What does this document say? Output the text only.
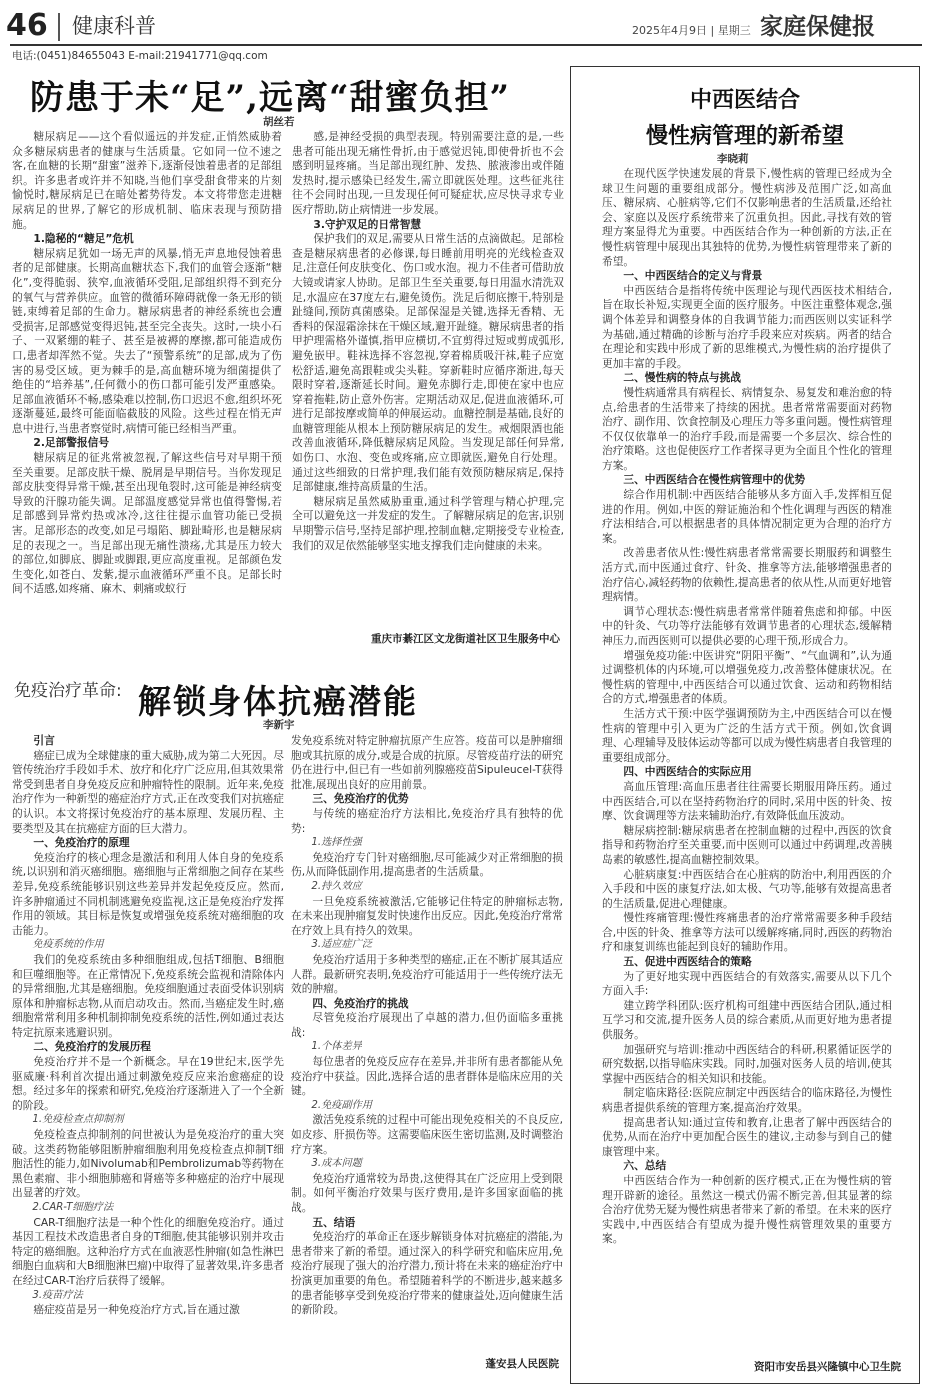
46 健康科普	2025年4月9日 | 星期三 家庭保健报
电话:(0451)84655043 E-mail:21941771@qq.com
防患于未“足”,远离“甜蜜负担”
胡丝若

糖尿病足——这个看似遥远的并发症,正悄然威胁着众多糖尿病患者的健康与生活质量。它如同一位不速之客,在血糖的长期“甜蜜”滋养下,逐渐侵蚀着患者的足部组织。许多患者或许并不知晓,当他们享受甜食带来的片刻愉悦时,糖尿病足已在暗处蓄势待发。本文将带您走进糖尿病足的世界,了解它的形成机制、临床表现与预防措施。

1.隐秘的“糖足”危机

糖尿病足犹如一场无声的风暴,悄无声息地侵蚀着患者的足部健康。长期高血糖状态下,我们的血管会逐渐“糖化”,变得脆弱、狭窄,血液循环受阻,足部组织得不到充分的氧气与营养供应。血管的微循环障碍就像一条无形的锁链,束缚着足部的生命力。糖尿病患者的神经系统也会遭受损害,足部感觉变得迟钝,甚至完全丧失。这时,一块小石子、一双紧绷的鞋子、甚至是被褥的摩擦,都可能造成伤口,患者却浑然不觉。失去了“预警系统”的足部,成为了伤害的易受区域。更为棘手的是,高血糖环境为细菌提供了绝佳的“培养基”,任何微小的伤口都可能引发严重感染。足部血液循环不畅,感染难以控制,伤口迟迟不愈,组织坏死逐渐蔓延,最终可能面临截肢的风险。这些过程在悄无声息中进行,当患者察觉时,病情可能已经相当严重。

2.足部警报信号

糖尿病足的征兆常被忽视,了解这些信号对早期干预至关重要。足部皮肤干燥、脱屑是早期信号。当你发现足部皮肤变得异常干燥,甚至出现龟裂时,这可能是神经病变导致的汗腺功能失调。足部温度感觉异常也值得警惕,若足部感到异常灼热或冰冷,这往往提示血管功能已受损害。足部形态的改变,如足弓塌陷、脚趾畸形,也是糖尿病足的表现之一。当足部出现无痛性溃疡,尤其是压力较大的部位,如脚底、脚趾或脚跟,更应高度重视。足部颜色发生变化,如苍白、发紫,提示血液循环严重不良。足部长时间不适感,如疼痛、麻木、刺痛或蚁行

感,是神经受损的典型表现。特别需要注意的是,一些患者可能出现无痛性骨折,由于感觉迟钝,即使骨折也不会感到明显疼痛。当足部出现红肿、发热、脓液渗出或伴随发热时,提示感染已经发生,需立即就医处理。这些征兆往往不会同时出现,一旦发现任何可疑症状,应尽快寻求专业医疗帮助,防止病情进一步发展。

3.守护双足的日常智慧

保护我们的双足,需要从日常生活的点滴做起。足部检查是糖尿病患者的必修课,每日睡前用明亮的光线检查双足,注意任何皮肤变化、伤口或水泡。视力不佳者可借助放大镜或请家人协助。足部卫生至关重要,每日用温水清洗双足,水温应在37度左右,避免烫伤。洗足后彻底擦干,特别是趾缝间,预防真菌感染。足部保湿是关键,选择无香精、无香料的保湿霜涂抹在干燥区域,避开趾缝。糖尿病患者的指甲护理需格外谨慎,指甲应横切,不宜剪得过短或剪成弧形,避免嵌甲。鞋袜选择不容忽视,穿着棉质吸汗袜,鞋子应宽松舒适,避免高跟鞋或尖头鞋。穿新鞋时应循序渐进,每天限时穿着,逐渐延长时间。避免赤脚行走,即使在家中也应穿着拖鞋,防止意外伤害。定期活动双足,促进血液循环,可进行足部按摩或简单的伸展运动。血糖控制是基础,良好的血糖管理能从根本上预防糖尿病足的发生。戒烟限酒也能改善血液循环,降低糖尿病足风险。当发现足部任何异常,如伤口、水泡、变色或疼痛,应立即就医,避免自行处理。通过这些细致的日常护理,我们能有效预防糖尿病足,保持足部健康,维持高质量的生活。

糖尿病足虽然威胁重重,通过科学管理与精心护理,完全可以避免这一并发症的发生。了解糖尿病足的危害,识别早期警示信号,坚持足部护理,控制血糖,定期接受专业检查,我们的双足依然能够坚实地支撑我们走向健康的未来。

重庆市綦江区文龙街道社区卫生服务中心
免疫治疗革命: 解锁身体抗癌潜能
李新宇
引言

癌症已成为全球健康的重大威胁,成为第二大死因。尽管传统治疗手段如手术、放疗和化疗广泛应用,但其效果常常受到患者自身免疫反应和肿瘤特性的限制。近年来,免疫治疗作为一种新型的癌症治疗方式,正在改变我们对抗癌症的认识。本文将探讨免疫治疗的基本原理、发展历程、主要类型及其在抗癌症方面的巨大潜力。

一、免疫治疗的原理

免疫治疗的核心理念是激活和利用人体自身的免疫系统,以识别和消灭癌细胞。癌细胞与正常细胞之间存在某些差异,免疫系统能够识别这些差异并发起免疫反应。然而,许多肿瘤通过不同机制逃避免疫监视,这正是免疫治疗发挥作用的领域。其目标是恢复或增强免疫系统对癌细胞的攻击能力。

免疫系统的作用

我们的免疫系统由多种细胞组成,包括T细胞、B细胞和巨噬细胞等。在正常情况下,免疫系统会监视和清除体内的异常细胞,尤其是癌细胞。免疫细胞通过表面受体识别病原体和肿瘤标志物,从而启动攻击。然而,当癌症发生时,癌细胞常常利用多种机制抑制免疫系统的活性,例如通过表达特定抗原来逃避识别。

二、免疫治疗的发展历程

免疫治疗并不是一个新概念。早在19世纪末,医学先驱威廉·科利首次提出通过刺激免疫反应来治愈癌症的设想。经过多年的探索和研究,免疫治疗逐渐进入了一个全新的阶段。

1.免疫检查点抑制剂

免疫检查点抑制剂的问世被认为是免疫治疗的重大突破。这类药物能够阻断肿瘤细胞利用免疫检查点抑制T细胞活性的能力,如Nivolumab和Pembrolizumab等药物在黑色素瘤、非小细胞肺癌和肾癌等多种癌症的治疗中展现出显著的疗效。

2.CAR-T细胞疗法

CAR-T细胞疗法是一种个性化的细胞免疫治疗。通过基因工程技术改造患者自身的T细胞,使其能够识别并攻击特定的癌细胞。这种治疗方式在血液恶性肿瘤(如急性淋巴细胞白血病和大B细胞淋巴瘤)中取得了显著效果,许多患者在经过CAR-T治疗后获得了缓解。

3.疫苗疗法

癌症疫苗是另一种免疫治疗方式,旨在通过激

发免疫系统对特定肿瘤抗原产生应答。疫苗可以是肿瘤细胞或其抗原的成分,或是合成的抗原。尽管疫苗疗法的研究仍在进行中,但已有一些如前列腺癌疫苗Sipuleucel-T获得批准,展现出良好的应用前景。

三、免疫治疗的优势

与传统的癌症治疗方法相比,免疫治疗具有独特的优势:

1.选择性强

免疫治疗专门针对癌细胞,尽可能减少对正常细胞的损伤,从而降低副作用,提高患者的生活质量。

2.持久效应

一旦免疫系统被激活,它能够记住特定的肿瘤标志物,在未来出现肿瘤复发时快速作出反应。因此,免疫治疗常常在疗效上具有持久的效果。

3.适应症广泛

免疫治疗适用于多种类型的癌症,正在不断扩展其适应人群。最新研究表明,免疫治疗可能适用于一些传统疗法无效的肿瘤。

四、免疫治疗的挑战

尽管免疫治疗展现出了卓越的潜力,但仍面临多重挑战:

1.个体差异

每位患者的免疫反应存在差异,并非所有患者都能从免疫治疗中获益。因此,选择合适的患者群体是临床应用的关键。

2.免疫副作用

激活免疫系统的过程中可能出现免疫相关的不良反应,如皮疹、肝损伤等。这需要临床医生密切监测,及时调整治疗方案。

3.成本问题

免疫治疗通常较为昂贵,这使得其在广泛应用上受到限制。如何平衡治疗效果与医疗费用,是许多国家面临的挑战。

五、结语

免疫治疗的革命正在逐步解锁身体对抗癌症的潜能,为患者带来了新的希望。通过深入的科学研究和临床应用,免疫治疗展现了强大的治疗潜力,预计将在未来的癌症治疗中扮演更加重要的角色。希望随着科学的不断进步,越来越多的患者能够享受到免疫治疗带来的健康益处,迈向健康生活的新阶段。

蓬安县人民医院
中西医结合
慢性病管理的新希望
李晓莉

在现代医学快速发展的背景下,慢性病的管理已经成为全球卫生问题的重要组成部分。慢性病涉及范围广泛,如高血压、糖尿病、心脏病等,它们不仅影响患者的生活质量,还给社会、家庭以及医疗系统带来了沉重负担。因此,寻找有效的管理方案显得尤为重要。中西医结合作为一种创新的方法,正在慢性病管理中展现出其独特的优势,为慢性病管理带来了新的希望。

一、中西医结合的定义与背景

中西医结合是指将传统中医理论与现代西医技术相结合,旨在取长补短,实现更全面的医疗服务。中医注重整体观念,强调个体差异和调整身体的自我调节能力;而西医则以实证科学为基础,通过精确的诊断与治疗手段来应对疾病。两者的结合在理论和实践中形成了新的思维模式,为慢性病的治疗提供了更加丰富的手段。

二、慢性病的特点与挑战

慢性病通常具有病程长、病情复杂、易复发和难治愈的特点,给患者的生活带来了持续的困扰。患者常常需要面对药物治疗、副作用、饮食控制及心理压力等多重问题。慢性病管理不仅仅依靠单一的治疗手段,而是需要一个多层次、综合性的治疗策略。这也促使医疗工作者探寻更为全面且个性化的管理方案。

三、中西医结合在慢性病管理中的优势

综合作用机制:中西医结合能够从多方面入手,发挥相互促进的作用。例如,中医的辩证施治和个性化调理与西医的精准疗法相结合,可以根据患者的具体情况制定更为合理的治疗方案。

改善患者依从性:慢性病患者常常需要长期服药和调整生活方式,而中医通过食疗、针灸、推拿等方法,能够增强患者的治疗信心,减轻药物的依赖性,提高患者的依从性,从而更好地管理病情。

调节心理状态:慢性病患者常常伴随着焦虑和抑郁。中医中的针灸、气功等疗法能够有效调节患者的心理状态,缓解精神压力,而西医则可以提供必要的心理干预,形成合力。

增强免疫功能:中医讲究“阴阳平衡”、“气血调和”,认为通过调整机体的内环境,可以增强免疫力,改善整体健康状况。在慢性病的管理中,中西医结合可以通过饮食、运动和药物相结合的方式,增强患者的体质。

生活方式干预:中医学强调预防为主,中西医结合可以在慢性病的管理中引入更为广泛的生活方式干预。例如,饮食调理、心理辅导及肢体运动等都可以成为慢性病患者自我管理的重要组成部分。

四、中西医结合的实际应用

高血压管理:高血压患者往往需要长期服用降压药。通过中西医结合,可以在坚持药物治疗的同时,采用中医的针灸、按摩、饮食调理等方法来辅助治疗,有效降低血压波动。

糖尿病控制:糖尿病患者在控制血糖的过程中,西医的饮食指导和药物治疗至关重要,而中医则可以通过中药调理,改善胰岛素的敏感性,提高血糖控制效果。

心脏病康复:中西医结合在心脏病的防治中,利用西医的介入手段和中医的康复疗法,如太极、气功等,能够有效提高患者的生活质量,促进心理健康。

慢性疼痛管理:慢性疼痛患者的治疗常常需要多种手段结合,中医的针灸、推拿等方法可以缓解疼痛,同时,西医的药物治疗和康复训练也能起到良好的辅助作用。

五、促进中西医结合的策略

为了更好地实现中西医结合的有效落实,需要从以下几个方面入手:

建立跨学科团队:医疗机构可组建中西医结合团队,通过相互学习和交流,提升医务人员的综合素质,从而更好地为患者提供服务。

加强研究与培训:推动中西医结合的科研,积累循证医学的研究数据,以指导临床实践。同时,加强对医务人员的培训,使其掌握中西医结合的相关知识和技能。

制定临床路径:医院应制定中西医结合的临床路径,为慢性病患者提供系统的管理方案,提高治疗效果。

提高患者认知:通过宣传和教育,让患者了解中西医结合的优势,从而在治疗中更加配合医生的建议,主动参与到自己的健康管理中来。

六、总结

中西医结合作为一种创新的医疗模式,正在为慢性病的管理开辟新的途径。虽然这一模式仍需不断完善,但其显著的综合治疗优势无疑为慢性病患者带来了新的希望。在未来的医疗实践中,中西医结合有望成为提升慢性病管理效果的重要方案。

资阳市安岳县兴隆镇中心卫生院
